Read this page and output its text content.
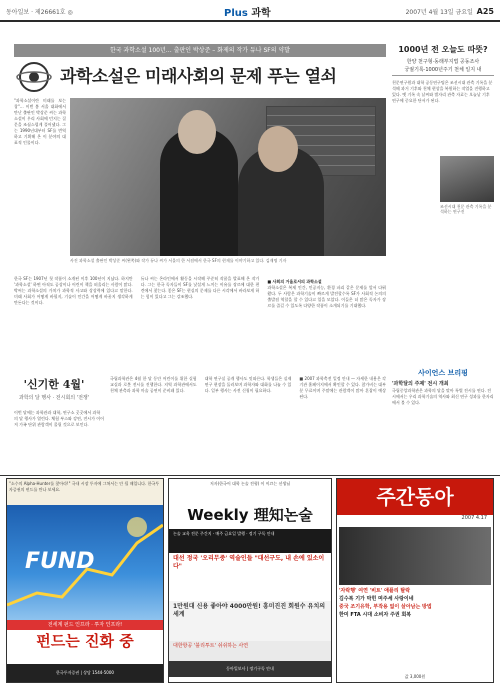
동아일보 · 제26661호 ◎	Plus 과학	2007년 4월 13일 금요일 A25
한국 과학소설 100년… 출판인 박상준 – 화제의 작가 듀나 SF의 약발
과학소설은 미래사회의 문제 푸는 열쇠
"과학소설이란 미래를 보는 창"… 이번 봄 서울 대화에서 만난 출판인 박상준 씨는 과학소설이 우리 사회에 던지는 질문을 조심스럽게 풀어냈다. 그는 1990년대부터 SF를 번역하고 기획해 온 이 분야의 대표적 인물이다.
사진 과학소설 출판인 박상준 씨(왼쪽)와 작가 듀나 씨가 서울의 한 서점에서 한국 SF의 현재를 이야기하고 있다. 김재명 기자
한국 SF는 1907년 첫 작품이 소개된 이후 100년이 지났다. 하지만 '과학소설' 하면 아직도 공상이나 어린이 책을 떠올리는 사람이 많다. 박씨는 과학소설의 가치가 과학적 사고와 상상력에 있다고 말한다. 미래 사회가 어떻게 바뀔지, 기술이 인간을 어떻게 바꿀지 생각하게 만든다는 것이다.
듀나 씨는 온라인에서 활동을 시작해 꾸준히 작품을 발표해 온 작가다. 그는 한국 독자들이 SF를 낯설게 느끼는 이유를 장르에 대한 편견에서 찾는다. 좋은 SF는 현실의 문제를 다른 시각에서 바라보게 하는 힘이 있다고 그는 강조했다.
■ 사회의 거울로서의 과학소설
과학소설은 복제 인간, 인공지능, 환경 파괴 같은 문제를 앞서 다뤄 왔다. 두 사람은 과학기술이 빠르게 발전할수록 SF가 사회적 논의의 출발점 역할을 할 수 있다고 입을 모았다. 이들은 더 많은 독자가 장르를 즐길 수 있도록 다양한 작품이 소개되기를 기대했다.
'신기한 4월'
과학의 달 행사 · 전시회의 '전쟁'
이번 달에는 과학관과 대학, 연구소 곳곳에서 과학의 달 행사가 열린다. 체험 부스와 강연, 전시가 이어져 가족 단위 관람객이 몰릴 것으로 보인다.
국립과학관은 4월 한 달 동안 어린이를 위한 실험 교실과 로봇 전시를 진행한다. 지역 과학관에서도 천체 관측과 과학 마술 공연이 준비돼 있다.
대학 연구실 공개 행사도 잇따른다. 학생들은 실제 연구 현장을 둘러보며 과학자와 대화를 나눌 수 있다. 일부 행사는 사전 신청이 필요하다.
■ 2007 과학축전 일정 안내 — 자세한 내용은 각 기관 홈페이지에서 확인할 수 있다. 참가비는 대부분 무료이며 주말에는 관람객이 많아 혼잡이 예상된다.
1000년 전 오늘도 따뜻?
한양 천구형·동래부지법 공동조사
궁궐기록·1000년주기 천체 일지 내
천문연구원과 대학 공동연구팀은 조선시대 관측 기록을 분석해 과거 기후와 천체 현상을 복원하는 작업을 진행하고 있다. 옛 기록 속 날씨와 별자리 관측 자료는 오늘날 기후 연구에 중요한 단서가 된다.
조선시대 천문 관측 기록을 분석하는 연구진
사이언스 브리핑
'과학달의 주제' 전시 개최
국립중앙과학관은 과학의 달을 맞아 특별 전시를 연다. 전시에서는 우리 과학기술의 역사와 최신 연구 성과를 한자리에서 볼 수 있다.
"소수의 Alpha-Hunter를 찾아라!" 국내 시장 투자에 그쳐서는 안 될 때입니다. 한국투자증권의 펀드를 만나 보세요.
FUND
전세계 펀드 인프라 · 투자 인프라!
펀드는 진화 중
한국투자증권 | 상담 1544-5000
저자(한국어 대학 논술 전형) 이 이끄는 선생님
Weekly 理知논술
논술 교육 전문 주간지 · 매주 금요일 발행 · 정기 구독 안내
대선 정국 '오리무중' 역술인들 "대선구도, 내 손에 있소이다"
1만원대 신용 좋아야 4000만원! 흥미진진 회원수 유치의 세계
대한항공 '블리투트' 쉬쉬하는 사연
동아일보사 | 정기구독 안내
주간동아
2007 4.17
'자락행' 여연 '비트' 애플리 탈락
김수복 기가 막힌 며주세 사랑이네
중국 조기유학, 부작용 없이 살아남는 방법
한미 FTA 시대 소비자 주권 회복
값 3,000원
